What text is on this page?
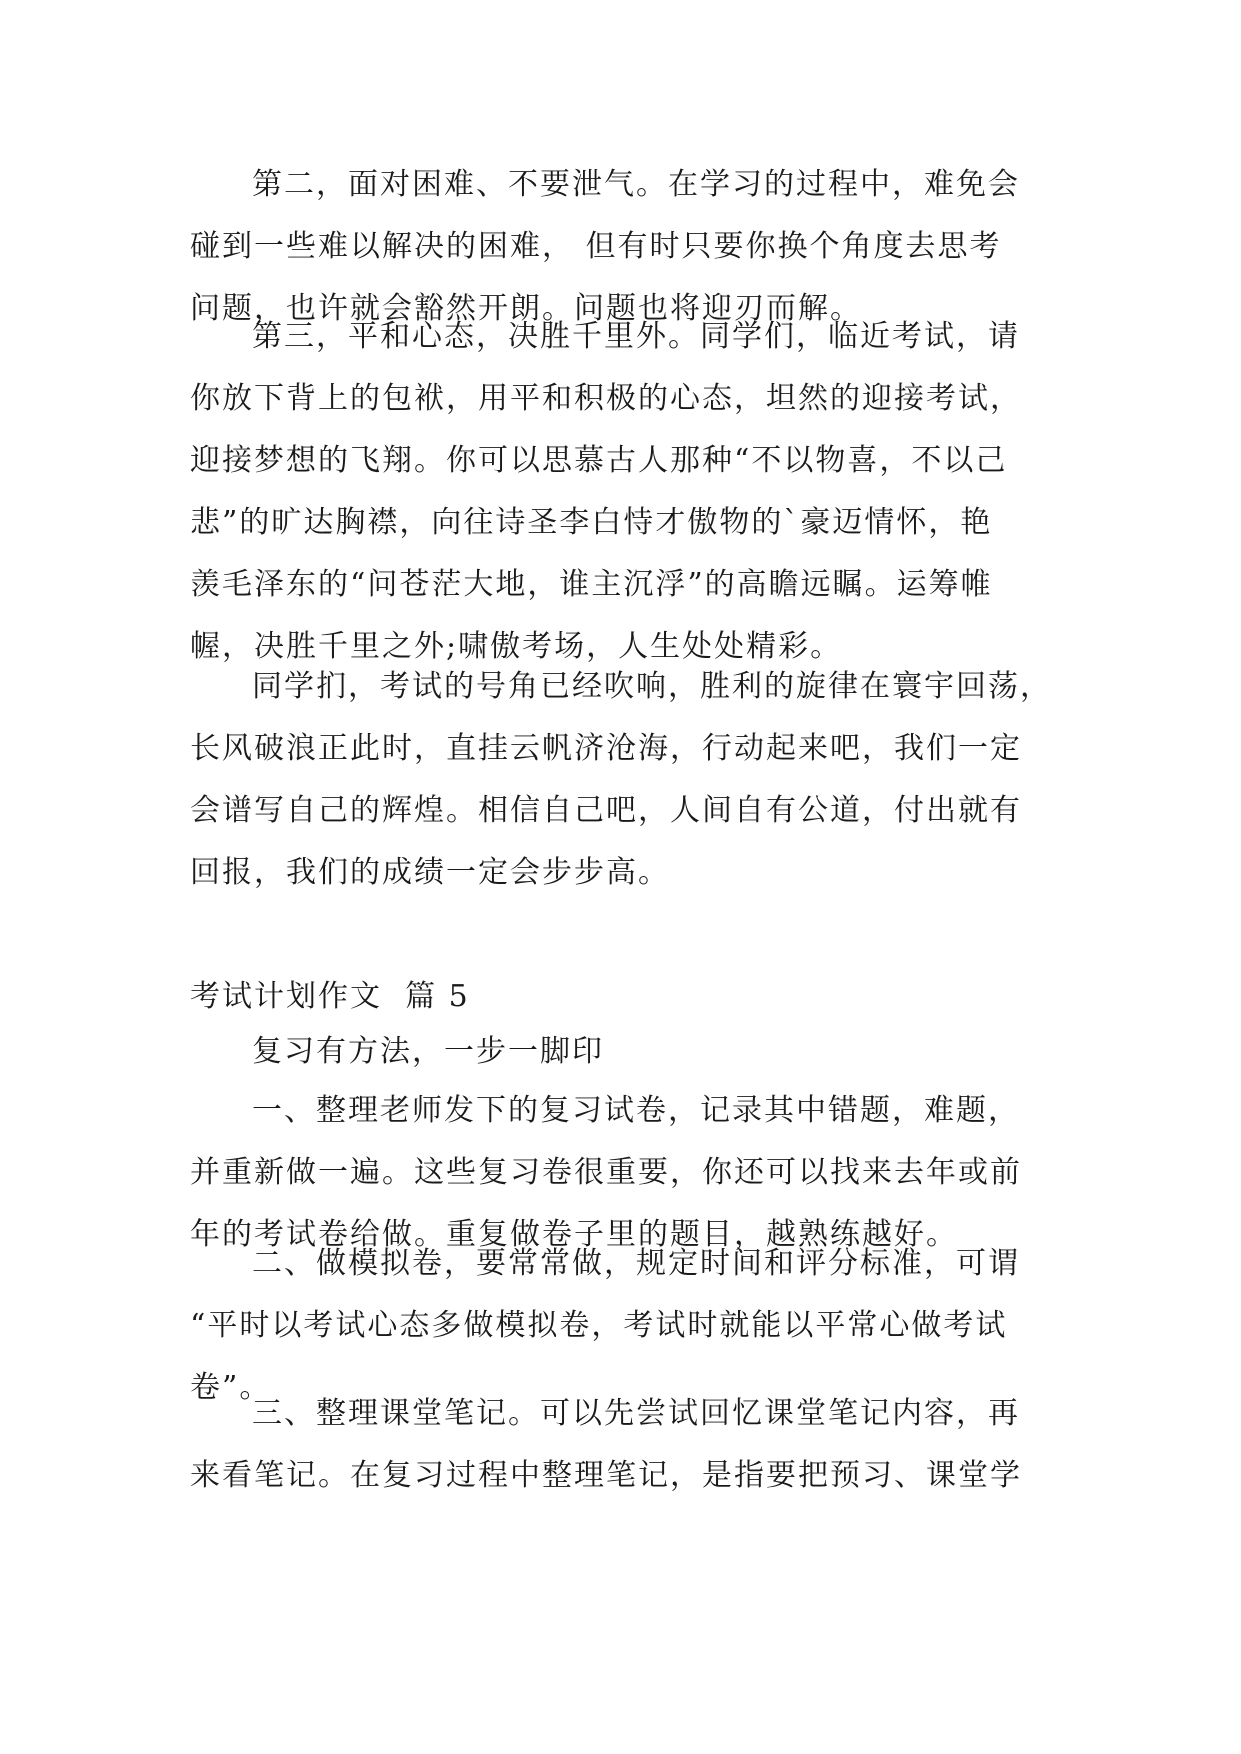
第二，面对困难、不要泄气。在学习的过程中，难免会
碰到一些难以解决的困难， 但有时只要你换个角度去思考
问题，也许就会豁然开朗。问题也将迎刃而解。
第三，平和心态，决胜千里外。同学们，临近考试，请
你放下背上的包袱，用平和积极的心态，坦然的迎接考试，
迎接梦想的飞翔。你可以思慕古人那种“不以物喜，不以己
悲”的旷达胸襟，向往诗圣李白恃才傲物的`豪迈情怀，艳
羡毛泽东的“问苍茫大地，谁主沉浮”的高瞻远瞩。运筹帷
幄，决胜千里之外;啸傲考场，人生处处精彩。
同学扪，考试的号角已经吹响，胜利的旋律在寰宇回荡，
长风破浪正此时，直挂云帆济沧海，行动起来吧，我们一定
会谱写自己的辉煌。相信自己吧，人间自有公道，付出就有
回报，我们的成绩一定会步步高。
考试计划作文  篇 5
复习有方法，一步一脚印
一、整理老师发下的复习试卷，记录其中错题，难题，
并重新做一遍。这些复习卷很重要，你还可以找来去年或前
年的考试卷给做。重复做卷子里的题目，越熟练越好。
二、做模拟卷，要常常做，规定时间和评分标准，可谓
“平时以考试心态多做模拟卷，考试时就能以平常心做考试
卷”。
三、整理课堂笔记。可以先尝试回忆课堂笔记内容，再
来看笔记。在复习过程中整理笔记，是指要把预习、课堂学
